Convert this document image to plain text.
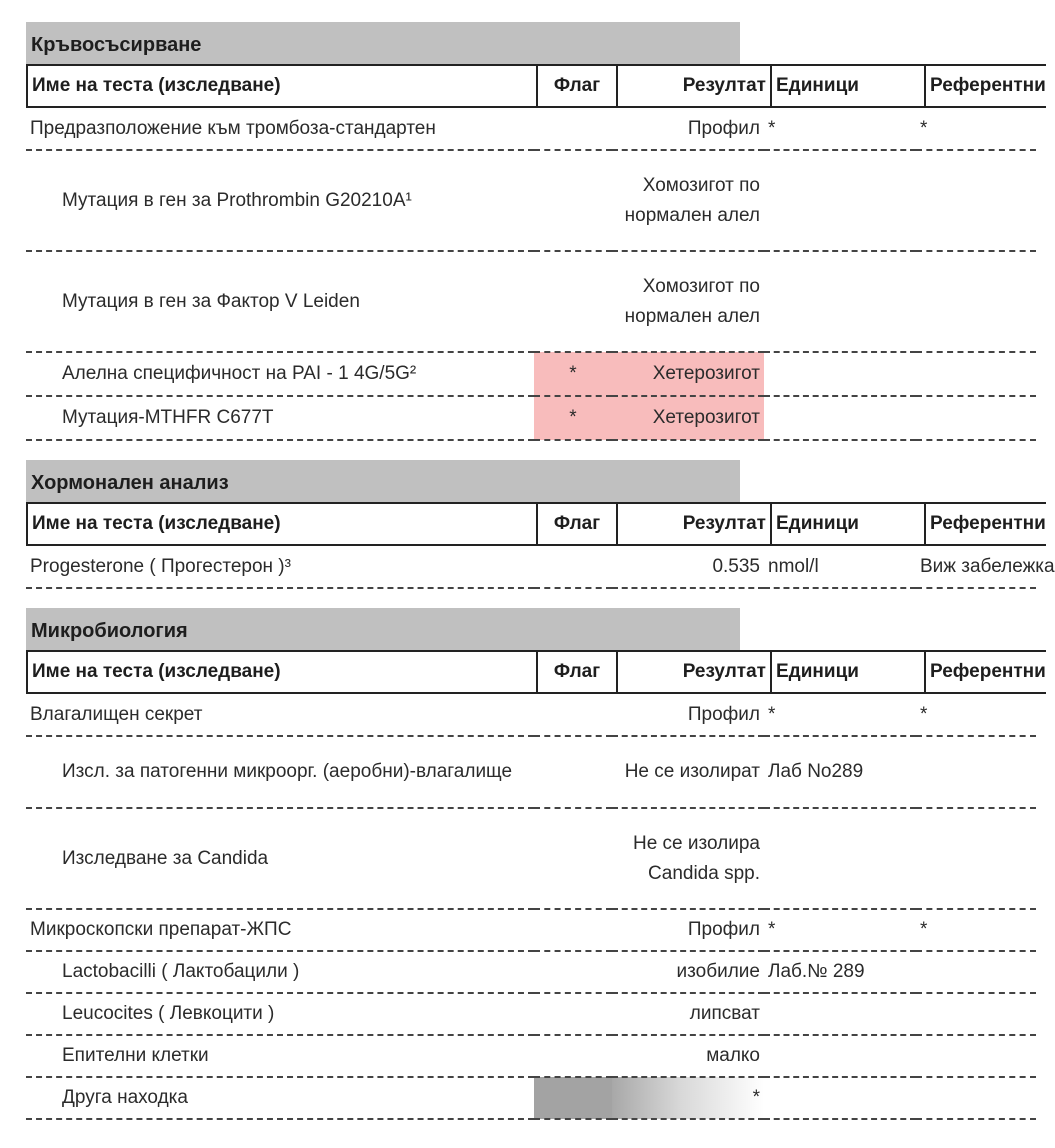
Кръвосъсирване
Име на теста (изследване)	Флаг	Резултат	Единици	Референтни
Предразположение към тромбоза-стандартен		Профил	*	*
Мутация в ген за Prothrombin G20210A¹		Хомозигот по нормален алел		
Мутация в ген за Фактор V Leiden		Хомозигот по нормален алел		
Алелна специфичност на PAI - 1 4G/5G²	*	Хетерозигот		
Мутация-MTHFR C677T	*	Хетерозигот		
Хормонален анализ
Име на теста (изследване)	Флаг	Резултат	Единици	Референтни
Progesterone ( Прогестерон )³		0.535	nmol/l	Виж забележка
Микробиология
Име на теста (изследване)	Флаг	Резултат	Единици	Референтни
Влагалищен секрет		Профил	*	*
Изсл. за патогенни микроорг. (аеробни)-влагалище		Не се изолират	Лаб No289	
Изследване за Candida		Не се изолира Candida spp.		
Микроскопски препарат-ЖПС		Профил	*	*
Lactobacilli ( Лактобацили )		изобилие	Лаб.№ 289	
Leucocites ( Левкоцити )		липсват		
Епителни клетки		малко		
Друга находка		*		
